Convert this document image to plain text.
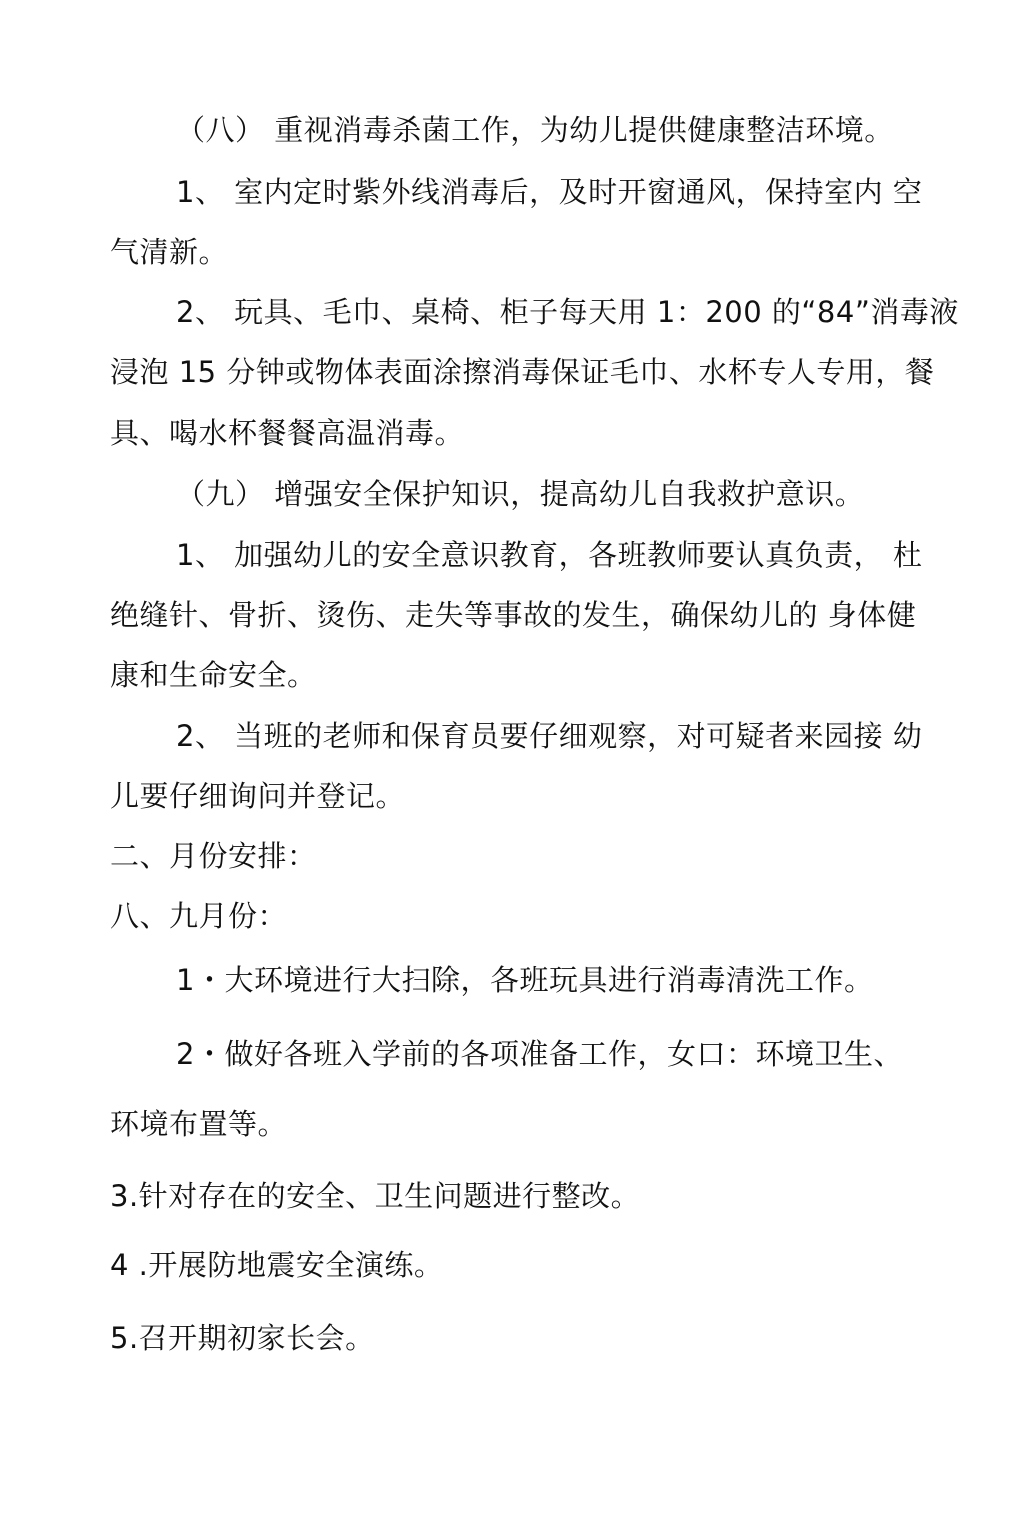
（八） 重视消毒杀菌工作，为幼儿提供健康整洁环境。
1、 室内定时紫外线消毒后，及时开窗通风，保持室内 空
气清新。
2、 玩具、毛巾、桌椅、柜子每天用 1：200 的“84”消毒液
浸泡 15 分钟或物体表面涂擦消毒保证毛巾、水杯专人专用，餐
具、喝水杯餐餐高温消毒。
（九） 增强安全保护知识，提高幼儿自我救护意识。
1、 加强幼儿的安全意识教育，各班教师要认真负责， 杜
绝缝针、骨折、烫伤、走失等事故的发生，确保幼儿的 身体健
康和生命安全。
2、 当班的老师和保育员要仔细观察，对可疑者来园接 幼
儿要仔细询问并登记。
二、月份安排：
八、九月份：
1・大环境进行大扫除，各班玩具进行消毒清洗工作。
2・做好各班入学前的各项准备工作，女口：环境卫生、
环境布置等。
3.针对存在的安全、卫生问题进行整改。
4 .开展防地震安全演练。
5.召开期初家长会。
